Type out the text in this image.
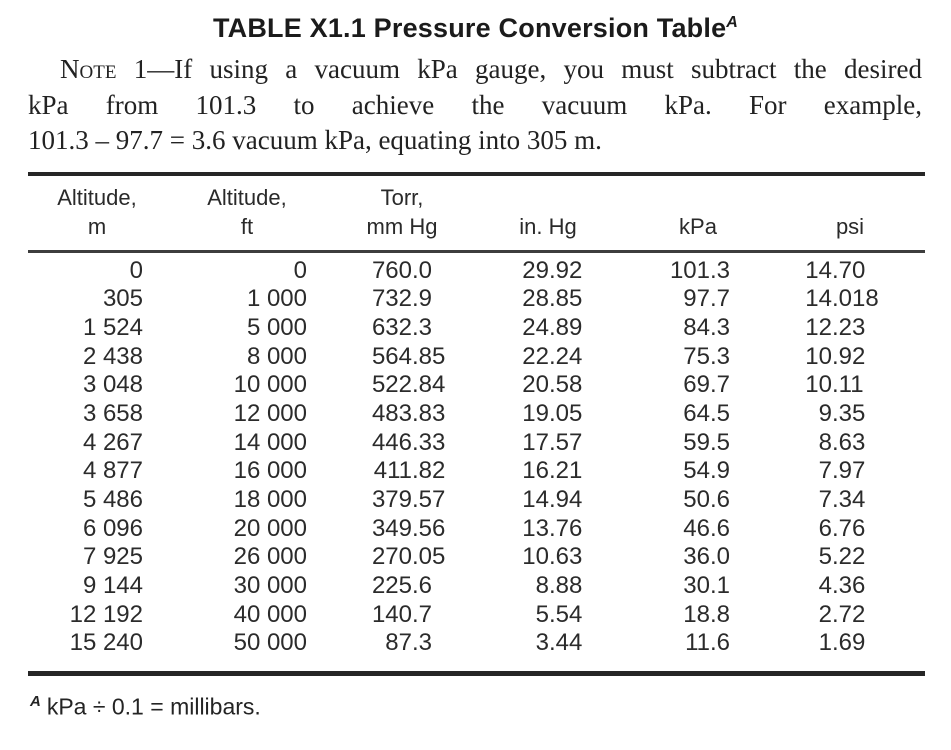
TABLE X1.1 Pressure Conversion Table$^A$
Note 1—If using a vacuum kPa gauge, you must subtract the desired
kPa from 101.3 to achieve the vacuum kPa. For example,
101.3 – 97.7 = 3.6 vacuum kPa, equating into 305 m.
Altitude,	Altitude,	Torr,
m	ft	mm Hg	in. Hg	kPa	psi
0	0	760.0	29.92	101.3	14.70
305	1 000	732.9	28.85	97.7	14.018
1 524	5 000	632.3	24.89	84.3	12.23
2 438	8 000	564.85	22.24	75.3	10.92
3 048	10 000	522.84	20.58	69.7	10.11
3 658	12 000	483.83	19.05	64.5	9.35
4 267	14 000	446.33	17.57	59.5	8.63
4 877	16 000	411.82	16.21	54.9	7.97
5 486	18 000	379.57	14.94	50.6	7.34
6 096	20 000	349.56	13.76	46.6	6.76
7 925	26 000	270.05	10.63	36.0	5.22
9 144	30 000	225.6	8.88	30.1	4.36
12 192	40 000	140.7	5.54	18.8	2.72
15 240	50 000	87.3	3.44	11.6	1.69
$^A$ kPa ÷ 0.1 = millibars.
